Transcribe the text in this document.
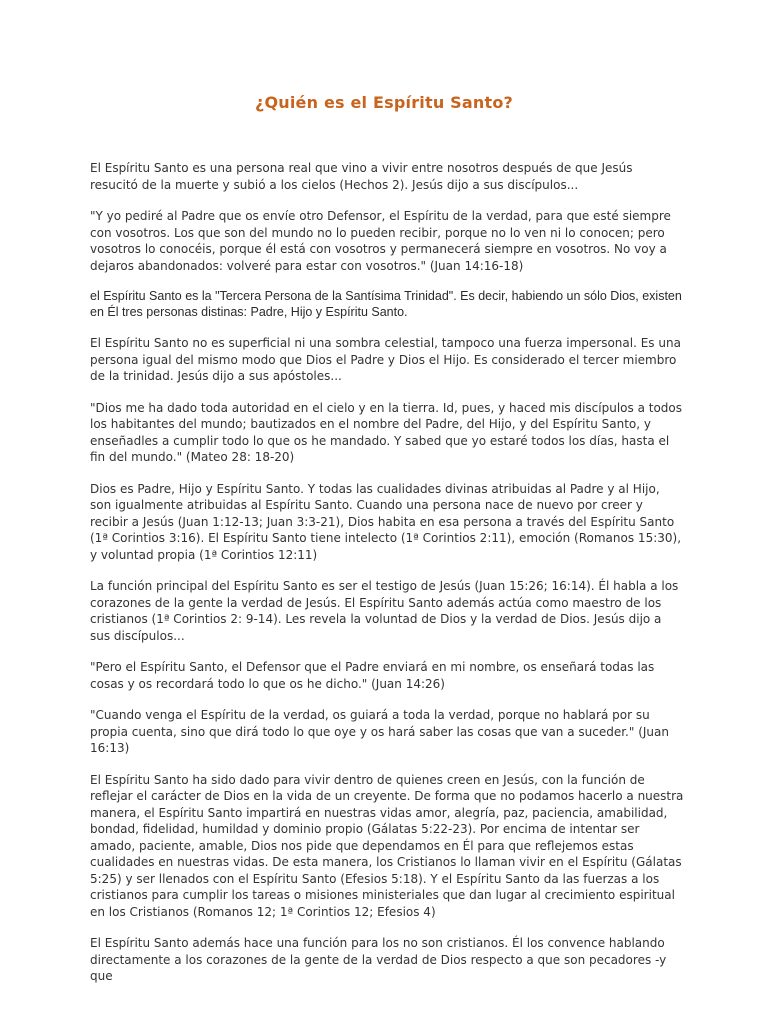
¿Quién es el Espíritu Santo?

El Espíritu Santo es una persona real que vino a vivir entre nosotros después de que Jesús resucitó de la muerte y subió a los cielos (Hechos 2). Jesús dijo a sus discípulos...

"Y yo pediré al Padre que os envíe otro Defensor, el Espíritu de la verdad, para que esté siempre con vosotros. Los que son del mundo no lo pueden recibir, porque no lo ven ni lo conocen; pero vosotros lo conocéis, porque él está con vosotros y permanecerá siempre en vosotros. No voy a dejaros abandonados: volveré para estar con vosotros." (Juan 14:16-18)

el Espíritu Santo es la "Tercera Persona de la Santísima Trinidad". Es decir, habiendo un sólo Dios, existen en Él tres personas distinas: Padre, Hijo y Espíritu Santo.

El Espíritu Santo no es superficial ni una sombra celestial, tampoco una fuerza impersonal. Es una persona igual del mismo modo que Dios el Padre y Dios el Hijo. Es considerado el tercer miembro de la trinidad. Jesús dijo a sus apóstoles...

"Dios me ha dado toda autoridad en el cielo y en la tierra. Id, pues, y haced mis discípulos a todos los habitantes del mundo; bautizados en el nombre del Padre, del Hijo, y del Espíritu Santo, y enseñadles a cumplir todo lo que os he mandado. Y sabed que yo estaré todos los días, hasta el fin del mundo." (Mateo 28: 18-20)

Dios es Padre, Hijo y Espíritu Santo. Y todas las cualidades divinas atribuidas al Padre y al Hijo, son igualmente atribuidas al Espíritu Santo. Cuando una persona nace de nuevo por creer y recibir a Jesús (Juan 1:12-13; Juan 3:3-21), Dios habita en esa persona a través del Espíritu Santo (1ª Corintios 3:16). El Espíritu Santo tiene intelecto (1ª Corintios 2:11), emoción (Romanos 15:30), y voluntad propia (1ª Corintios 12:11)

La función principal del Espíritu Santo es ser el testigo de Jesús (Juan 15:26; 16:14). Él habla a los corazones de la gente la verdad de Jesús. El Espíritu Santo además actúa como maestro de los cristianos (1ª Corintios 2: 9-14). Les revela la voluntad de Dios y la verdad de Dios. Jesús dijo a sus discípulos...

"Pero el Espíritu Santo, el Defensor que el Padre enviará en mi nombre, os enseñará todas las cosas y os recordará todo lo que os he dicho." (Juan 14:26)

"Cuando venga el Espíritu de la verdad, os guiará a toda la verdad, porque no hablará por su propia cuenta, sino que dirá todo lo que oye y os hará saber las cosas que van a suceder." (Juan 16:13)

El Espíritu Santo ha sido dado para vivir dentro de quienes creen en Jesús, con la función de reflejar el carácter de Dios en la vida de un creyente. De forma que no podamos hacerlo a nuestra manera, el Espíritu Santo impartirá en nuestras vidas amor, alegría, paz, paciencia, amabilidad, bondad, fidelidad, humildad y dominio propio (Gálatas 5:22-23). Por encima de intentar ser amado, paciente, amable, Dios nos pide que dependamos en Él para que reflejemos estas cualidades en nuestras vidas. De esta manera, los Cristianos lo llaman vivir en el Espíritu (Gálatas 5:25) y ser llenados con el Espíritu Santo (Efesios 5:18). Y el Espíritu Santo da las fuerzas a los cristianos para cumplir los tareas o misiones ministeriales que dan lugar al crecimiento espiritual en los Cristianos (Romanos 12; 1ª Corintios 12; Efesios 4)

El Espíritu Santo además hace una función para los no son cristianos. Él los convence hablando directamente a los corazones de la gente de la verdad de Dios respecto a que son pecadores -y que
